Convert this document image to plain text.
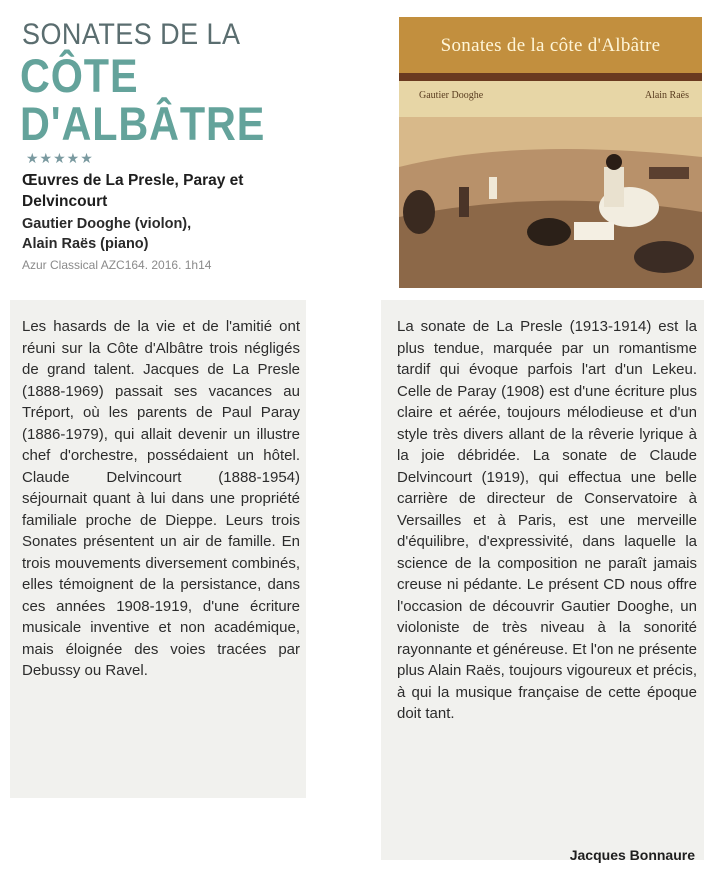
SONATES DE LA
CÔTE
D'ALBÂTRE
★★★★★
Œuvres de La Presle, Paray et Delvincourt
Gautier Dooghe (violon),
Alain Raës (piano)
Azur Classical AZC164. 2016. 1h14
Sonates de la côte d'Albâtre
Gautier Dooghe	Alain Raës

Les hasards de la vie et de l'amitié ont réuni sur la Côte d'Albâtre trois négligés de grand talent. Jacques de La Presle (1888-1969) passait ses vacances au Tréport, où les parents de Paul Paray (1886-1979), qui allait devenir un illustre chef d'orchestre, possédaient un hôtel. Claude Delvincourt (1888-1954) séjournait quant à lui dans une propriété familiale proche de Dieppe. Leurs trois Sonates présentent un air de famille. En trois mouvements diversement combinés, elles témoignent de la persistance, dans ces années 1908-1919, d'une écriture musicale inventive et non académique, mais éloignée des voies tracées par Debussy ou Ravel.

La sonate de La Presle (1913-1914) est la plus tendue, marquée par un romantisme tardif qui évoque parfois l'art d'un Lekeu. Celle de Paray (1908) est d'une écriture plus claire et aérée, toujours mélodieuse et d'un style très divers allant de la rêverie lyrique à la joie débridée. La sonate de Claude Delvincourt (1919), qui effectua une belle carrière de directeur de Conservatoire à Versailles et à Paris, est une merveille d'équilibre, d'expressivité, dans laquelle la science de la composition ne paraît jamais creuse ni pédante. Le présent CD nous offre l'occasion de découvrir Gautier Dooghe, un violoniste de très niveau à la sonorité rayonnante et généreuse. Et l'on ne présente plus Alain Raës, toujours vigoureux et précis, à qui la musique française de cette époque doit tant.

Jacques Bonnaure
